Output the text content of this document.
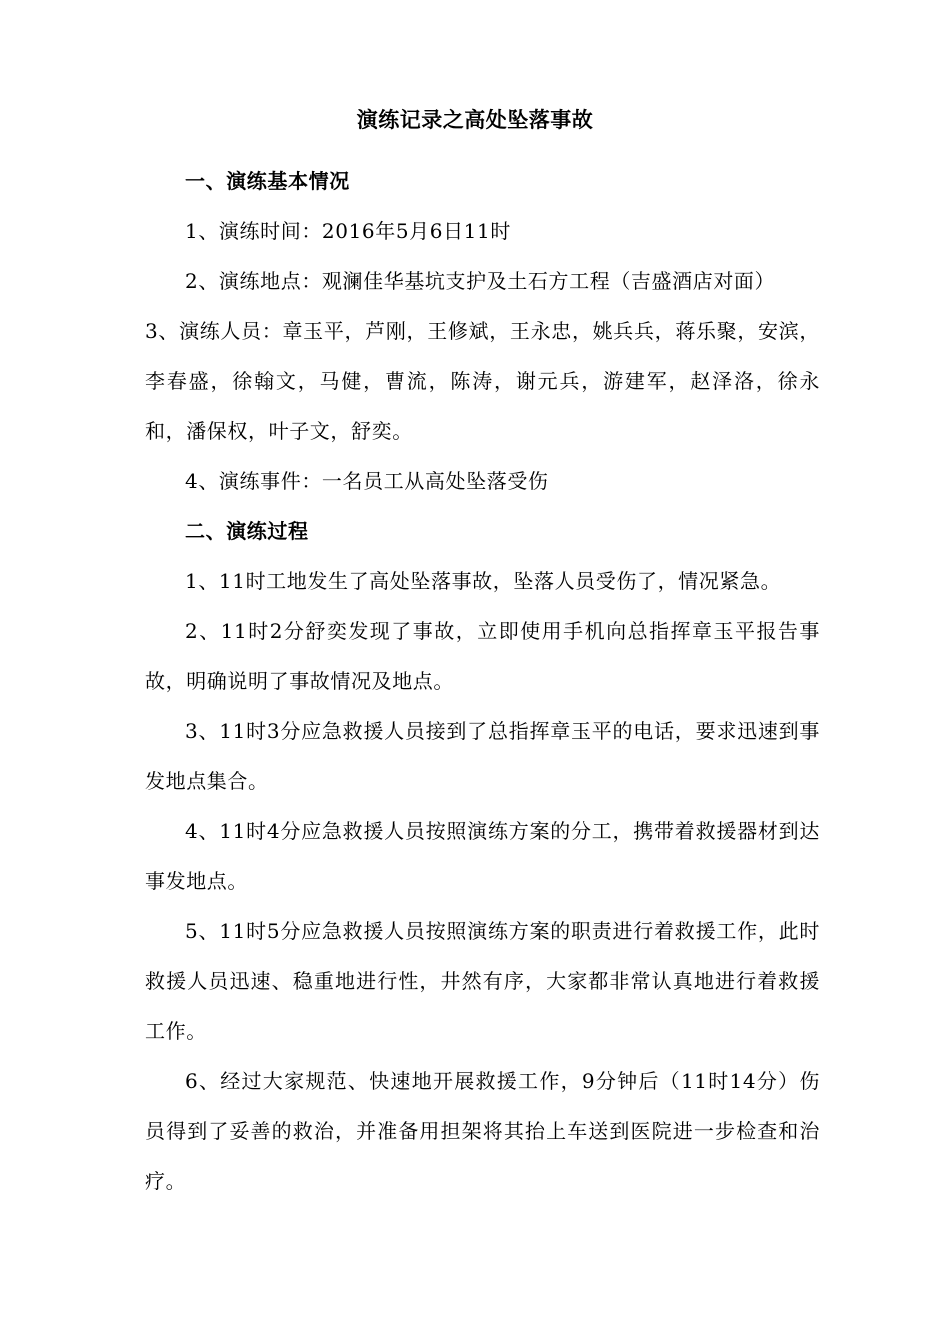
演练记录之高处坠落事故

一、演练基本情况

1、演练时间：2016年5月6日11时

2、演练地点：观澜佳华基坑支护及土石方工程（吉盛酒店对面）

3、演练人员：章玉平，芦刚，王修斌，王永忠，姚兵兵，蒋乐聚，安滨，李春盛，徐翰文，马健，曹流，陈涛，谢元兵，游建军，赵泽洛，徐永和，潘保权，叶子文，舒奕。

4、演练事件：一名员工从高处坠落受伤

二、演练过程

1、11时工地发生了高处坠落事故，坠落人员受伤了，情况紧急。

2、11时2分舒奕发现了事故，立即使用手机向总指挥章玉平报告事故，明确说明了事故情况及地点。

3、11时3分应急救援人员接到了总指挥章玉平的电话，要求迅速到事发地点集合。

4、11时4分应急救援人员按照演练方案的分工，携带着救援器材到达事发地点。

5、11时5分应急救援人员按照演练方案的职责进行着救援工作，此时救援人员迅速、稳重地进行性，井然有序，大家都非常认真地进行着救援工作。

6、经过大家规范、快速地开展救援工作，9分钟后（11时14分）伤员得到了妥善的救治，并准备用担架将其抬上车送到医院进一步检查和治疗。
